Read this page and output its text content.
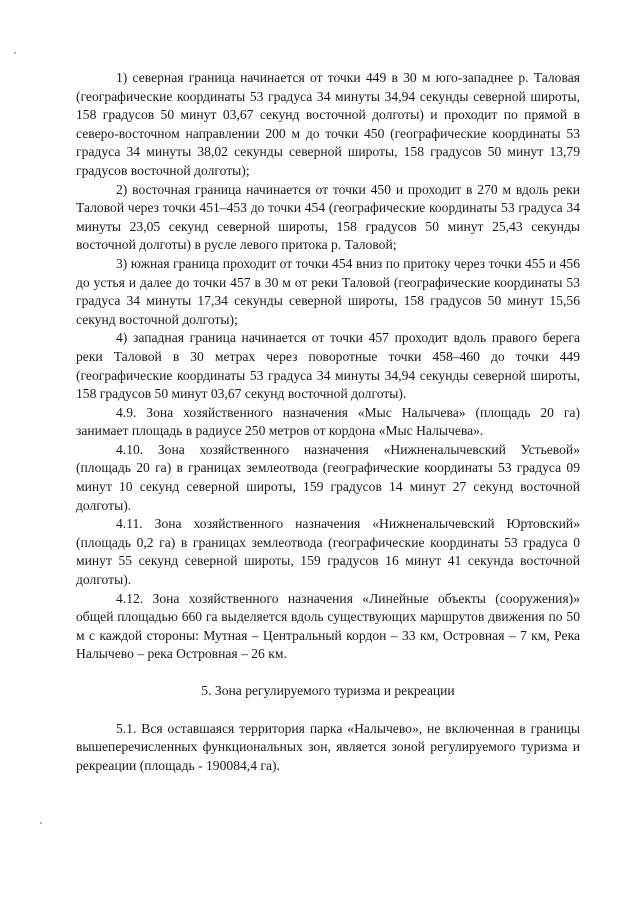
1) северная граница начинается от точки 449 в 30 м юго-западнее р. Таловая (географические координаты 53 градуса 34 минуты 34,94 секунды северной широты, 158 градусов 50 минут 03,67 секунд восточной долготы) и проходит по прямой в северо-восточном направлении 200 м до точки 450 (географические координаты 53 градуса 34 минуты 38,02 секунды северной широты, 158 градусов 50 минут 13,79 градусов восточной долготы);

2) восточная граница начинается от точки 450 и проходит в 270 м вдоль реки Таловой через точки 451–453 до точки 454 (географические координаты 53 градуса 34 минуты 23,05 секунд северной широты, 158 градусов 50 минут 25,43 секунды восточной долготы) в русле левого притока р. Таловой;

3) южная граница проходит от точки 454 вниз по притоку через точки 455 и 456 до устья и далее до точки 457 в 30 м от реки Таловой (географические координаты 53 градуса 34 минуты 17,34 секунды северной широты, 158 градусов 50 минут 15,56 секунд восточной долготы);

4) западная граница начинается от точки 457 проходит вдоль правого берега реки Таловой в 30 метрах через поворотные точки 458–460 до точки 449 (географические координаты 53 градуса 34 минуты 34,94 секунды северной широты, 158 градусов 50 минут 03,67 секунд восточной долготы).

4.9. Зона хозяйственного назначения «Мыс Налычева» (площадь 20 га) занимает площадь в радиусе 250 метров от кордона «Мыс Налычева».

4.10. Зона хозяйственного назначения «Нижненалычевский Устьевой» (площадь 20 га) в границах землеотвода (географические координаты 53 градуса 09 минут 10 секунд северной широты, 159 градусов 14 минут 27 секунд восточной долготы).

4.11. Зона хозяйственного назначения «Нижненалычевский Юртовский» (площадь 0,2 га) в границах землеотвода (географические координаты 53 градуса 0 минут 55 секунд северной широты, 159 градусов 16 минут 41 секунда восточной долготы).

4.12. Зона хозяйственного назначения «Линейные объекты (сооружения)» общей площадью 660 га выделяется вдоль существующих маршрутов движения по 50 м с каждой стороны: Мутная – Центральный кордон – 33 км, Островная – 7 км, Река Налычево – река Островная – 26 км.

5. Зона регулируемого туризма и рекреации

5.1. Вся оставшаяся территория парка «Налычево», не включенная в границы вышеперечисленных функциональных зон, является зоной регулируемого туризма и рекреации (площадь - 190084,4 га).
